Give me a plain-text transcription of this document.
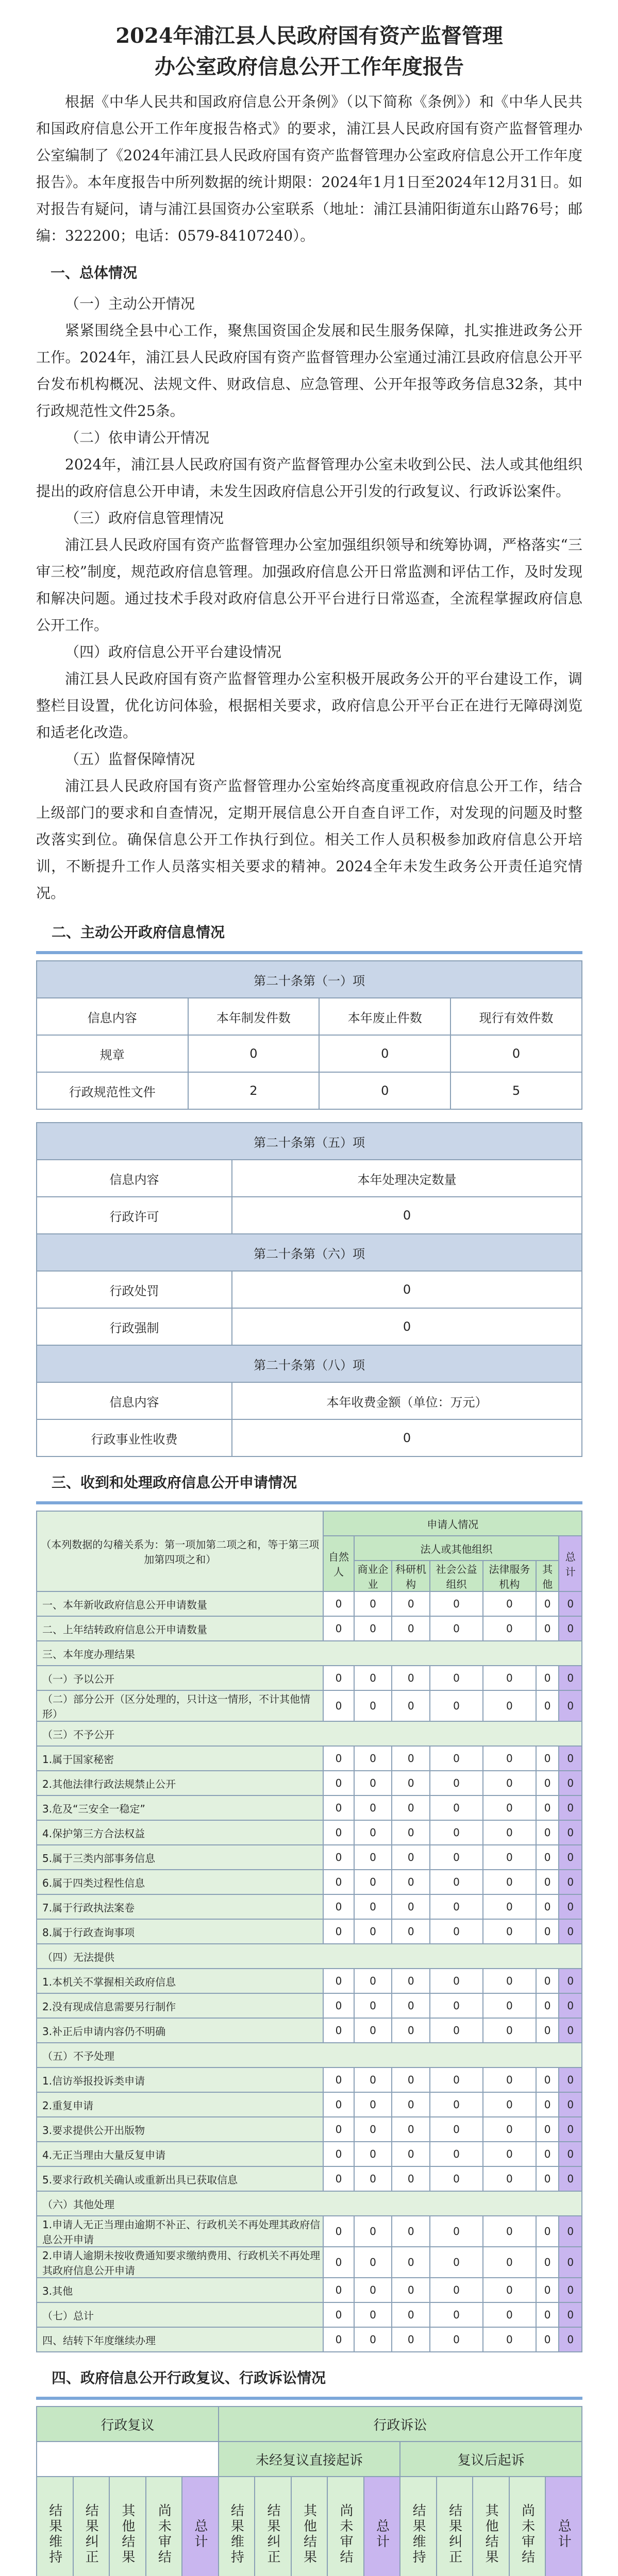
2024年浦江县人民政府国有资产监督管理
办公室政府信息公开工作年度报告

根据《中华人民共和国政府信息公开条例》（以下简称《条例》）和《中华人民共和国政府信息公开工作年度报告格式》的要求，浦江县人民政府国有资产监督管理办公室编制了《2024年浦江县人民政府国有资产监督管理办公室政府信息公开工作年度报告》。本年度报告中所列数据的统计期限：2024年1月1日至2024年12月31日。如对报告有疑问，请与浦江县国资办公室联系（地址：浦江县浦阳街道东山路76号；邮编：322200；电话：0579-84107240）。

一、总体情况

（一）主动公开情况

紧紧围绕全县中心工作，聚焦国资国企发展和民生服务保障，扎实推进政务公开工作。2024年，浦江县人民政府国有资产监督管理办公室通过浦江县政府信息公开平台发布机构概况、法规文件、财政信息、应急管理、公开年报等政务信息32条，其中行政规范性文件25条。

（二）依申请公开情况

2024年，浦江县人民政府国有资产监督管理办公室未收到公民、法人或其他组织提出的政府信息公开申请，未发生因政府信息公开引发的行政复议、行政诉讼案件。

（三）政府信息管理情况

浦江县人民政府国有资产监督管理办公室加强组织领导和统筹协调，严格落实“三审三校”制度，规范政府信息管理。加强政府信息公开日常监测和评估工作，及时发现和解决问题。通过技术手段对政府信息公开平台进行日常巡查，全流程掌握政府信息公开工作。

（四）政府信息公开平台建设情况

浦江县人民政府国有资产监督管理办公室积极开展政务公开的平台建设工作，调整栏目设置，优化访问体验，根据相关要求，政府信息公开平台正在进行无障碍浏览和适老化改造。

（五）监督保障情况

浦江县人民政府国有资产监督管理办公室始终高度重视政府信息公开工作，结合上级部门的要求和自查情况，定期开展信息公开自查自评工作，对发现的问题及时整改落实到位。确保信息公开工作执行到位。相关工作人员积极参加政府信息公开培训，不断提升工作人员落实相关要求的精神。2024全年未发生政务公开责任追究情况。

二、主动公开政府信息情况
第二十条第（一）项			
信息内容	本年制发件数	本年废止件数	现行有效件数
规章	0	0	0
行政规范性文件	2	0	5
第二十条第（五）项	
信息内容	本年处理决定数量
行政许可	0
第二十条第（六）项	
行政处罚	0
行政强制	0
第二十条第（八）项	
信息内容	本年收费金额（单位：万元）
行政事业性收费	0
三、收到和处理政府信息公开申请情况
（本列数据的勾稽关系为：第一项加第二项之和，等于第三项加第四项之和）	申请人情况						
	自然人	法人或其他组织					总计
		商业企业	科研机构	社会公益组织	法律服务机构	其他	
一、本年新收政府信息公开申请数量	0	0	0	0	0	0	0
二、上年结转政府信息公开申请数量	0	0	0	0	0	0	0
三、本年度办理结果							
（一）予以公开	0	0	0	0	0	0	0
（二）部分公开（区分处理的，只计这一情形，不计其他情形）	0	0	0	0	0	0	0
（三）不予公开							
1.属于国家秘密	0	0	0	0	0	0	0
2.其他法律行政法规禁止公开	0	0	0	0	0	0	0
3.危及“三安全一稳定”	0	0	0	0	0	0	0
4.保护第三方合法权益	0	0	0	0	0	0	0
5.属于三类内部事务信息	0	0	0	0	0	0	0
6.属于四类过程性信息	0	0	0	0	0	0	0
7.属于行政执法案卷	0	0	0	0	0	0	0
8.属于行政查询事项	0	0	0	0	0	0	0
（四）无法提供							
1.本机关不掌握相关政府信息	0	0	0	0	0	0	0
2.没有现成信息需要另行制作	0	0	0	0	0	0	0
3.补正后申请内容仍不明确	0	0	0	0	0	0	0
（五）不予处理							
1.信访举报投诉类申请	0	0	0	0	0	0	0
2.重复申请	0	0	0	0	0	0	0
3.要求提供公开出版物	0	0	0	0	0	0	0
4.无正当理由大量反复申请	0	0	0	0	0	0	0
5.要求行政机关确认或重新出具已获取信息	0	0	0	0	0	0	0
（六）其他处理							
1.申请人无正当理由逾期不补正、行政机关不再处理其政府信息公开申请	0	0	0	0	0	0	0
2.申请人逾期未按收费通知要求缴纳费用、行政机关不再处理其政府信息公开申请	0	0	0	0	0	0	0
3.其他	0	0	0	0	0	0	0
（七）总计	0	0	0	0	0	0	0
四、结转下年度继续办理	0	0	0	0	0	0	0
四、政府信息公开行政复议、行政诉讼情况
行政复议					行政诉讼									
					未经复议直接起诉					复议后起诉				
结果维持	结果纠正	其他结果	尚未审结	总计	结果维持	结果纠正	其他结果	尚未审结	总计	结果维持	结果纠正	其他结果	尚未审结	总计
